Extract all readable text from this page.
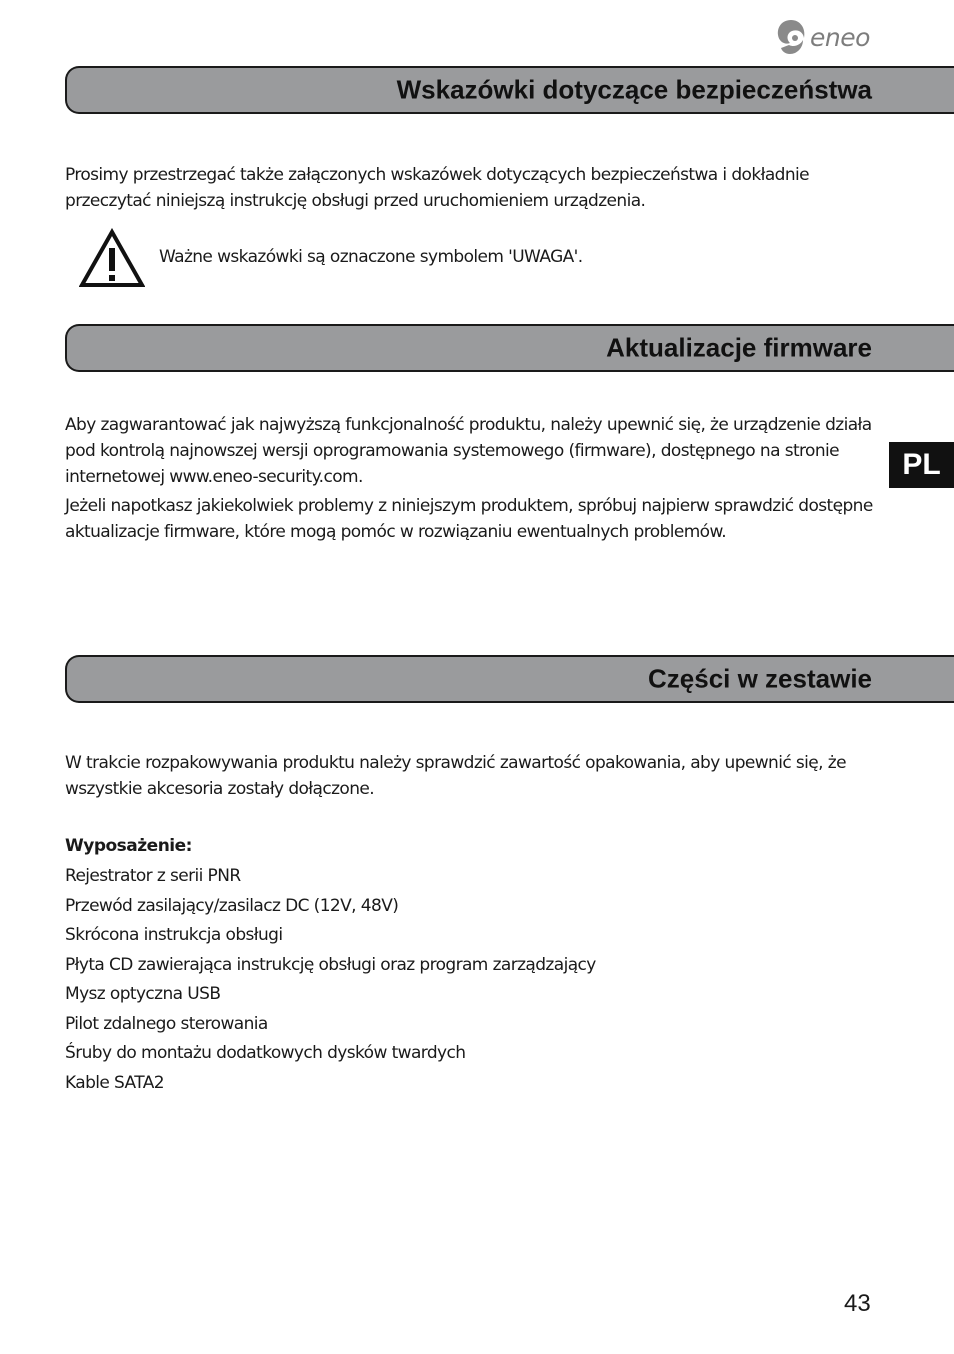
eneo
Wskazówki dotyczące bezpieczeństwa

Prosimy przestrzegać także załączonych wskazówek dotyczących bezpieczeństwa i dokładnie przeczytać niniejszą instrukcję obsługi przed uruchomieniem urządzenia.

Ważne wskazówki są oznaczone symbolem 'UWAGA'.
Aktualizacje firmware

Aby zagwarantować jak najwyższą funkcjonalność produktu, należy upewnić się, że urządzenie działa pod kontrolą najnowszej wersji oprogramowania systemowego (firmware), dostępnego na stronie internetowej www.eneo-security.com.

Jeżeli napotkasz jakiekolwiek problemy z niniejszym produktem, spróbuj najpierw sprawdzić dostępne aktualizacje firmware, które mogą pomóc w rozwiązaniu ewentualnych problemów.

PL
Części w zestawie

W trakcie rozpakowywania produktu należy sprawdzić zawartość opakowania, aby upewnić się, że wszystkie akcesoria zostały dołączone.

Wyposażenie:
Rejestrator z serii PNR
Przewód zasilający/zasilacz DC (12V, 48V)
Skrócona instrukcja obsługi
Płyta CD zawierająca instrukcję obsługi oraz program zarządzający
Mysz optyczna USB
Pilot zdalnego sterowania
Śruby do montażu dodatkowych dysków twardych
Kable SATA2
43
